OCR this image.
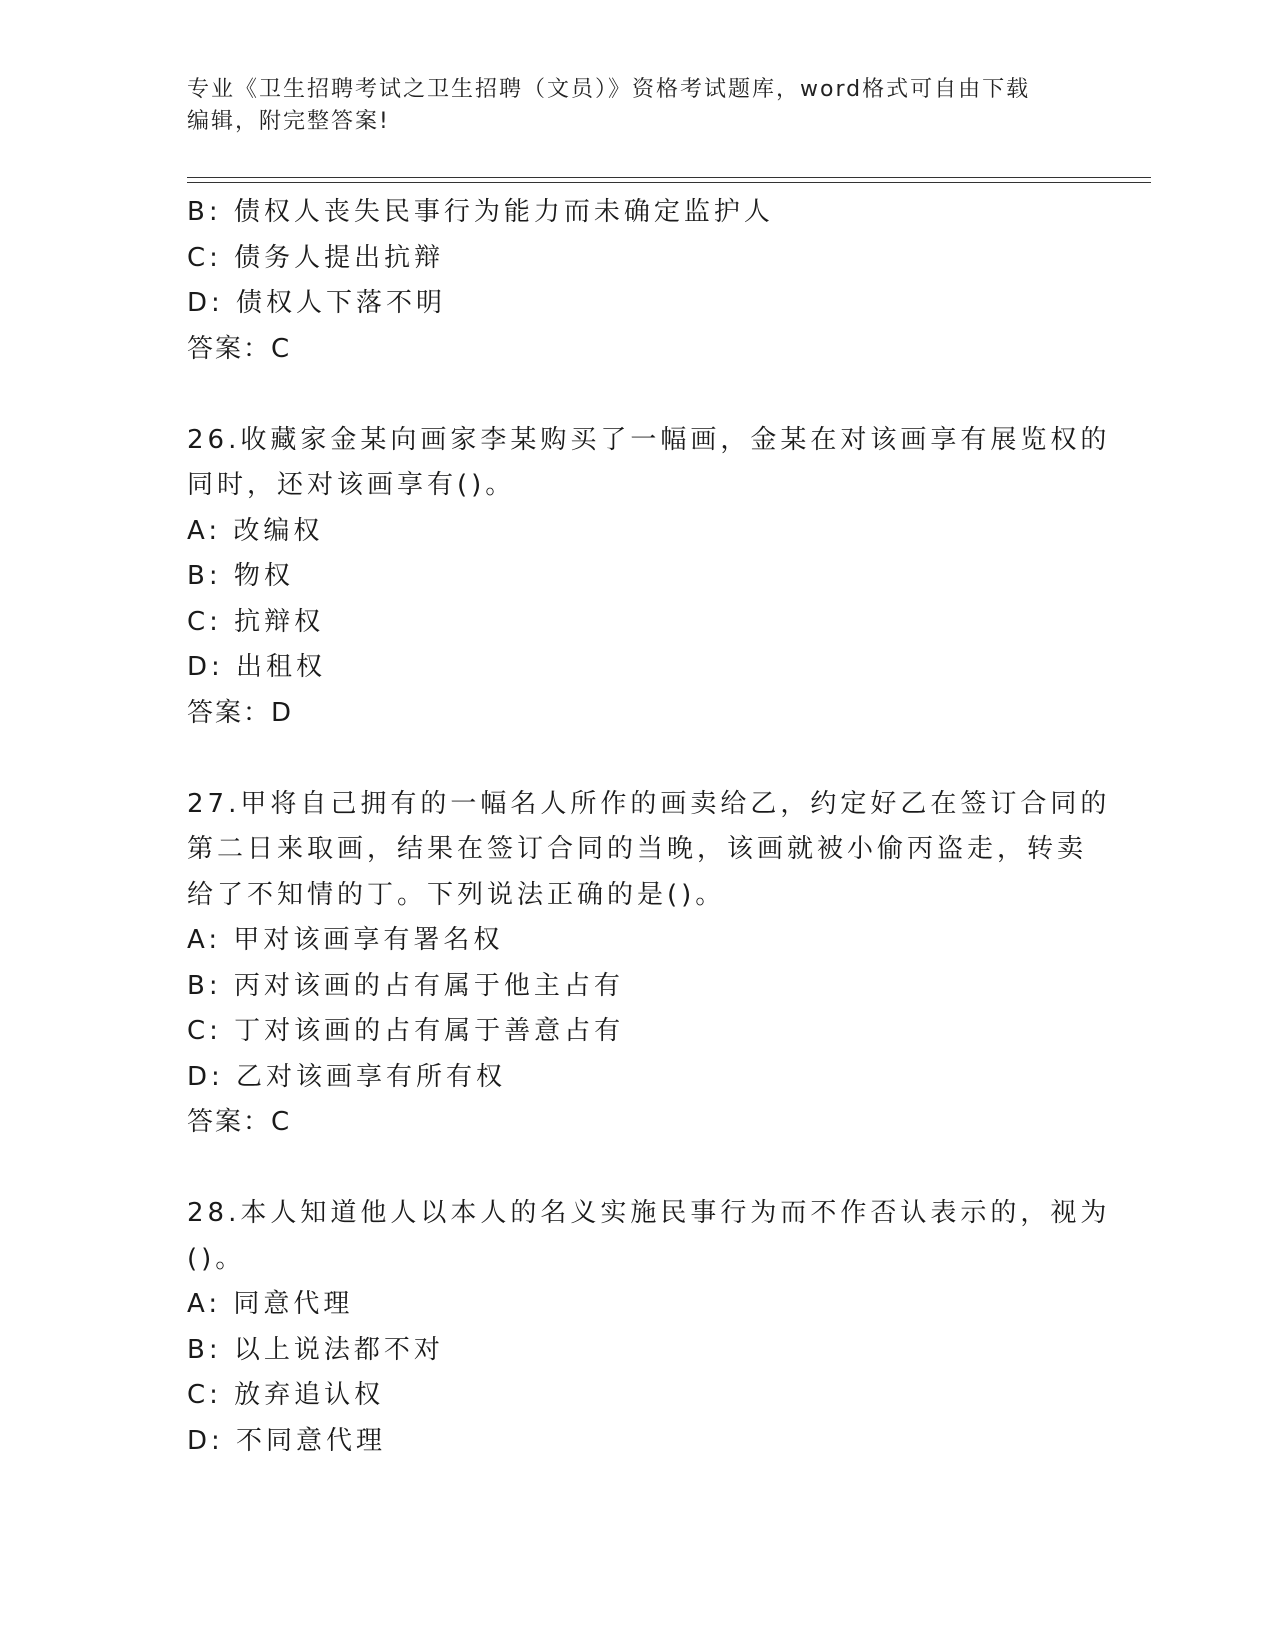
专业《卫生招聘考试之卫生招聘（文员）》资格考试题库，word格式可自由下载
编辑，附完整答案!
B: 债权人丧失民事行为能力而未确定监护人
C: 债务人提出抗辩
D: 债权人下落不明
答案：C
26.收藏家金某向画家李某购买了一幅画，金某在对该画享有展览权的
同时，还对该画享有()。
A: 改编权
B: 物权
C: 抗辩权
D: 出租权
答案：D
27.甲将自己拥有的一幅名人所作的画卖给乙，约定好乙在签订合同的
第二日来取画，结果在签订合同的当晚，该画就被小偷丙盗走，转卖
给了不知情的丁。下列说法正确的是()。
A: 甲对该画享有署名权
B: 丙对该画的占有属于他主占有
C: 丁对该画的占有属于善意占有
D: 乙对该画享有所有权
答案：C
28.本人知道他人以本人的名义实施民事行为而不作否认表示的，视为
()。
A: 同意代理
B: 以上说法都不对
C: 放弃追认权
D: 不同意代理
